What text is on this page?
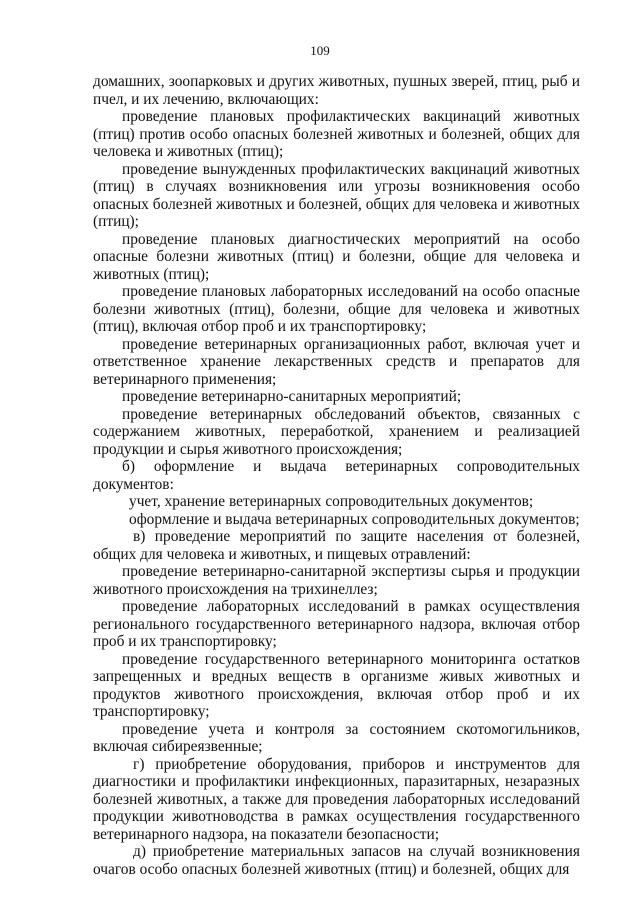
109

домашних, зоопарковых и других животных, пушных зверей, птиц, рыб и пчел, и их лечению, включающих:

проведение плановых профилактических вакцинаций животных (птиц) против особо опасных болезней животных и болезней, общих для человека и животных (птиц);

проведение вынужденных профилактических вакцинаций животных (птиц) в случаях возникновения или угрозы возникновения особо опасных болезней животных и болезней, общих для человека и животных (птиц);

проведение плановых диагностических мероприятий на особо опасные болезни животных (птиц) и болезни, общие для человека и животных (птиц);

проведение плановых лабораторных исследований на особо опасные болезни животных (птиц), болезни, общие для человека и животных (птиц), включая отбор проб и их транспортировку;

проведение ветеринарных организационных работ, включая учет и ответственное хранение лекарственных средств и препаратов для ветеринарного применения;

проведение ветеринарно-санитарных мероприятий;

проведение ветеринарных обследований объектов, связанных с содержанием животных, переработкой, хранением и реализацией продукции и сырья животного происхождения;

б) оформление и выдача ветеринарных сопроводительных документов:

учет, хранение ветеринарных сопроводительных документов;

оформление и выдача ветеринарных сопроводительных документов;

в) проведение мероприятий по защите населения от болезней, общих для человека и животных, и пищевых отравлений:

проведение ветеринарно-санитарной экспертизы сырья и продукции животного происхождения на трихинеллез;

проведение лабораторных исследований в рамках осуществления регионального государственного ветеринарного надзора, включая отбор проб и их транспортировку;

проведение государственного ветеринарного мониторинга остатков запрещенных и вредных веществ в организме живых животных и продуктов животного происхождения, включая отбор проб и их транспортировку;

проведение учета и контроля за состоянием скотомогильников, включая сибиреязвенные;

г) приобретение оборудования, приборов и инструментов для диагностики и профилактики инфекционных, паразитарных, незаразных болезней животных, а также для проведения лабораторных исследований продукции животноводства в рамках осуществления государственного ветеринарного надзора, на показатели безопасности;

д) приобретение материальных запасов на случай возникновения очагов особо опасных болезней животных (птиц) и болезней, общих для
